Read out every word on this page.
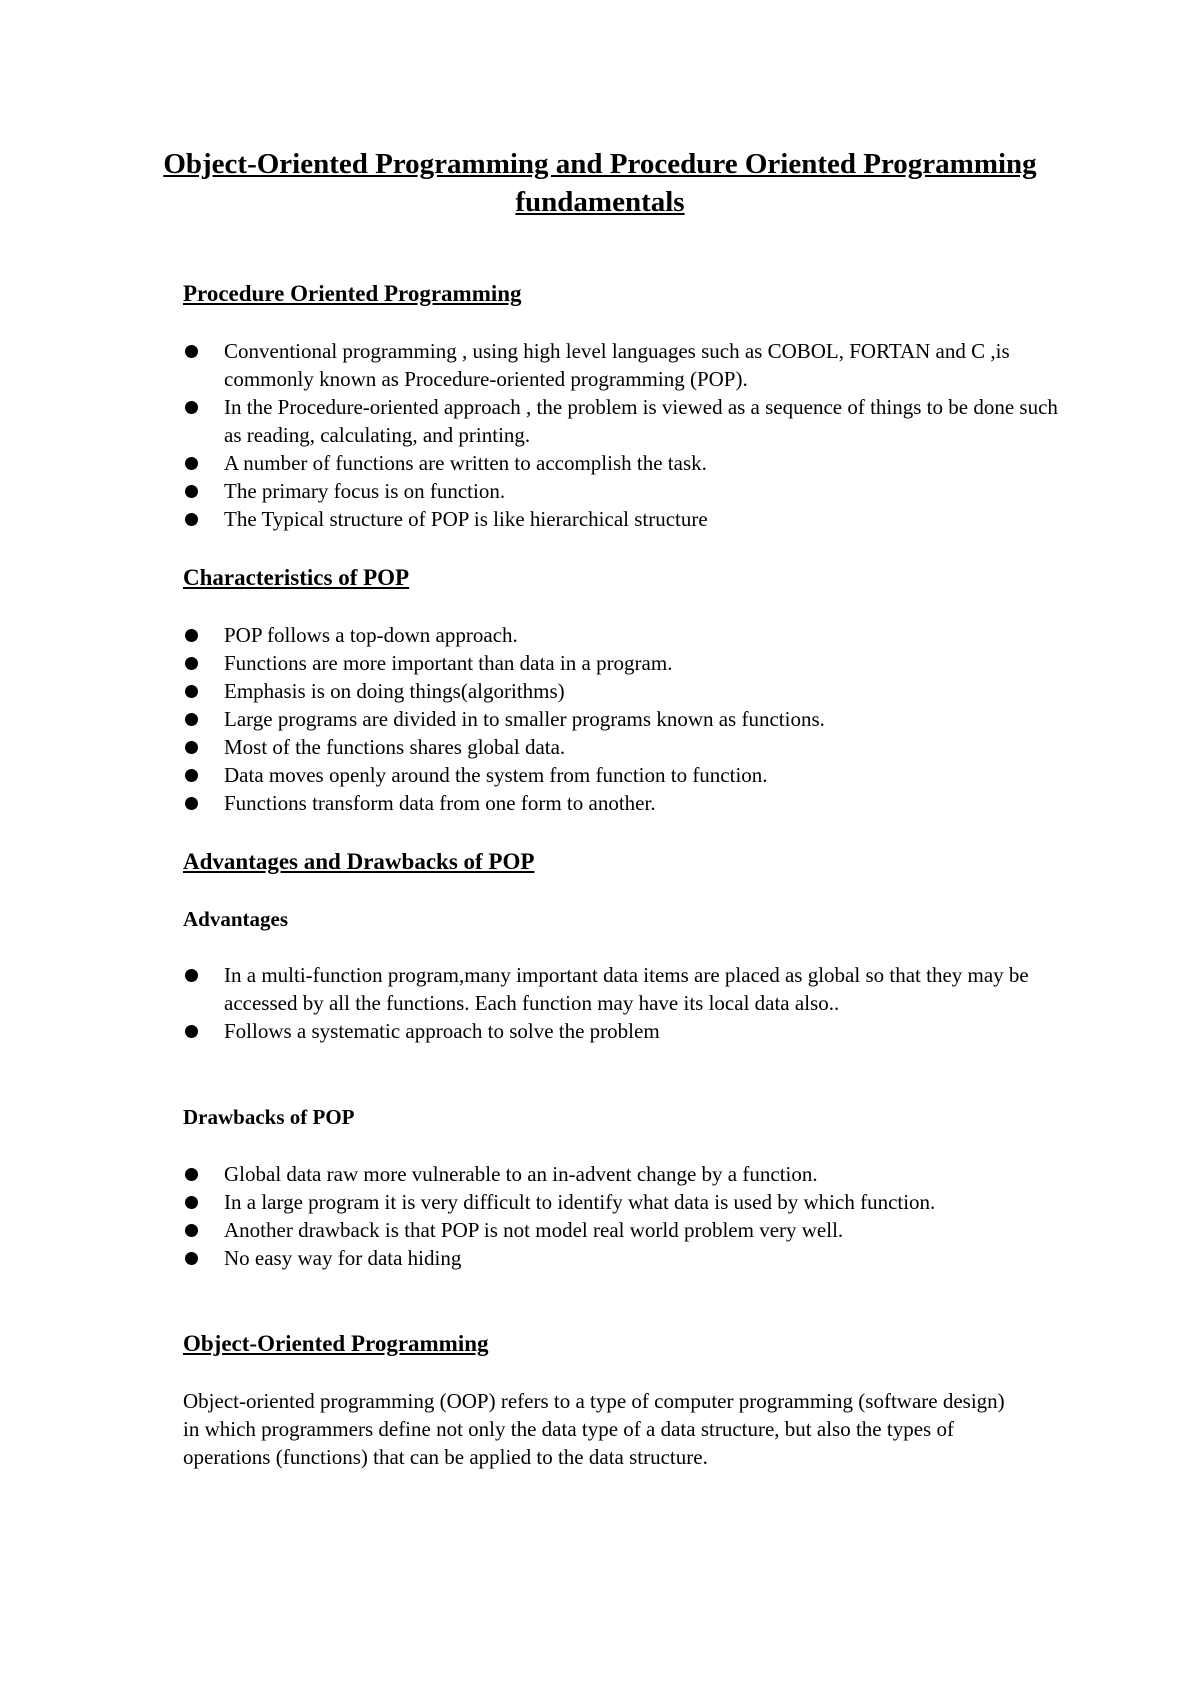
Object-Oriented Programming and Procedure Oriented Programming fundamentals
Procedure Oriented Programming
Conventional programming , using high level languages such as COBOL, FORTAN and C ,is commonly known as Procedure-oriented programming (POP).
In the Procedure-oriented approach , the problem is viewed as a sequence of things to be done such as reading, calculating, and printing.
A number of functions are written to accomplish the task.
The primary focus is on function.
The Typical structure of POP is like hierarchical structure
Characteristics of POP
POP follows a top-down approach.
Functions are more important than data in a program.
Emphasis is on doing things(algorithms)
Large programs are divided in to smaller programs known as functions.
Most of the functions shares global data.
Data moves openly around the system from function to function.
Functions transform data from one form to another.
Advantages and Drawbacks of POP
Advantages
In a multi-function program,many important data items are placed as global so that they may be accessed by all the functions. Each function may have its local data also..
Follows a systematic approach to solve the problem
Drawbacks of POP
Global data raw more vulnerable to an in-advent change by a function.
In a large program it is very difficult to identify what data is used by which function.
Another drawback is that POP is not model real world problem very well.
No easy way for data hiding
Object-Oriented Programming

Object-oriented programming (OOP) refers to a type of computer programming (software design) in which programmers define not only the data type of a data structure, but also the types of operations (functions) that can be applied to the data structure.
